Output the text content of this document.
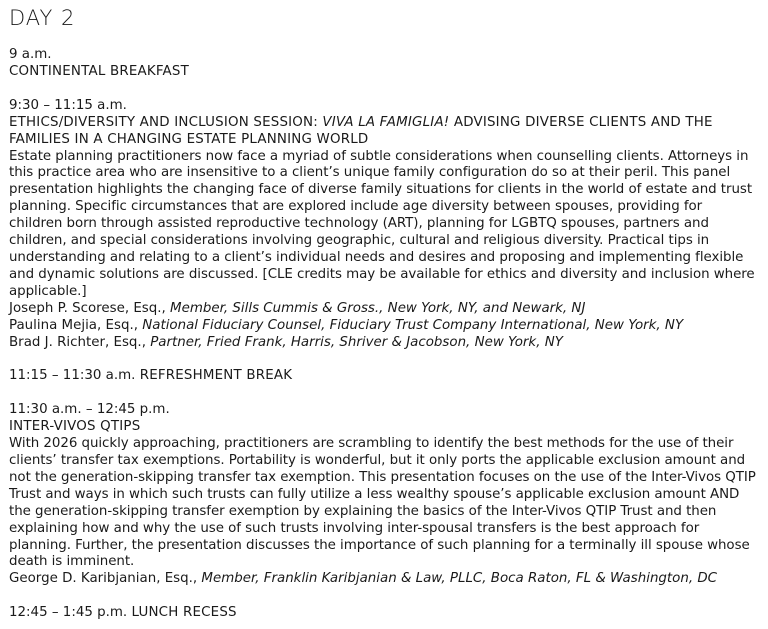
DAY 2
9 a.m.
CONTINENTAL BREAKFAST
9:30 – 11:15 a.m.
ETHICS/DIVERSITY AND INCLUSION SESSION: VIVA LA FAMIGLIA! ADVISING DIVERSE CLIENTS AND THE FAMILIES IN A CHANGING ESTATE PLANNING WORLD
Estate planning practitioners now face a myriad of subtle considerations when counselling clients. Attorneys in this practice area who are insensitive to a client’s unique family configuration do so at their peril. This panel presentation highlights the changing face of diverse family situations for clients in the world of estate and trust planning. Specific circumstances that are explored include age diversity between spouses, providing for children born through assisted reproductive technology (ART), planning for LGBTQ spouses, partners and children, and special considerations involving geographic, cultural and religious diversity. Practical tips in understanding and relating to a client’s individual needs and desires and proposing and implementing flexible and dynamic solutions are discussed. [CLE credits may be available for ethics and diversity and inclusion where applicable.]
Joseph P. Scorese, Esq., Member, Sills Cummis & Gross., New York, NY, and Newark, NJ
Paulina Mejia, Esq., National Fiduciary Counsel, Fiduciary Trust Company International, New York, NY
Brad J. Richter, Esq., Partner, Fried Frank, Harris, Shriver & Jacobson, New York, NY
11:15 – 11:30 a.m. REFRESHMENT BREAK
11:30 a.m. – 12:45 p.m.
INTER-VIVOS QTIPS
With 2026 quickly approaching, practitioners are scrambling to identify the best methods for the use of their clients’ transfer tax exemptions. Portability is wonderful, but it only ports the applicable exclusion amount and not the generation-skipping transfer tax exemption. This presentation focuses on the use of the Inter-Vivos QTIP Trust and ways in which such trusts can fully utilize a less wealthy spouse’s applicable exclusion amount AND the generation-skipping transfer exemption by explaining the basics of the Inter-Vivos QTIP Trust and then explaining how and why the use of such trusts involving inter-spousal transfers is the best approach for planning. Further, the presentation discusses the importance of such planning for a terminally ill spouse whose death is imminent.
George D. Karibjanian, Esq., Member, Franklin Karibjanian & Law, PLLC, Boca Raton, FL & Washington, DC
12:45 – 1:45 p.m. LUNCH RECESS
